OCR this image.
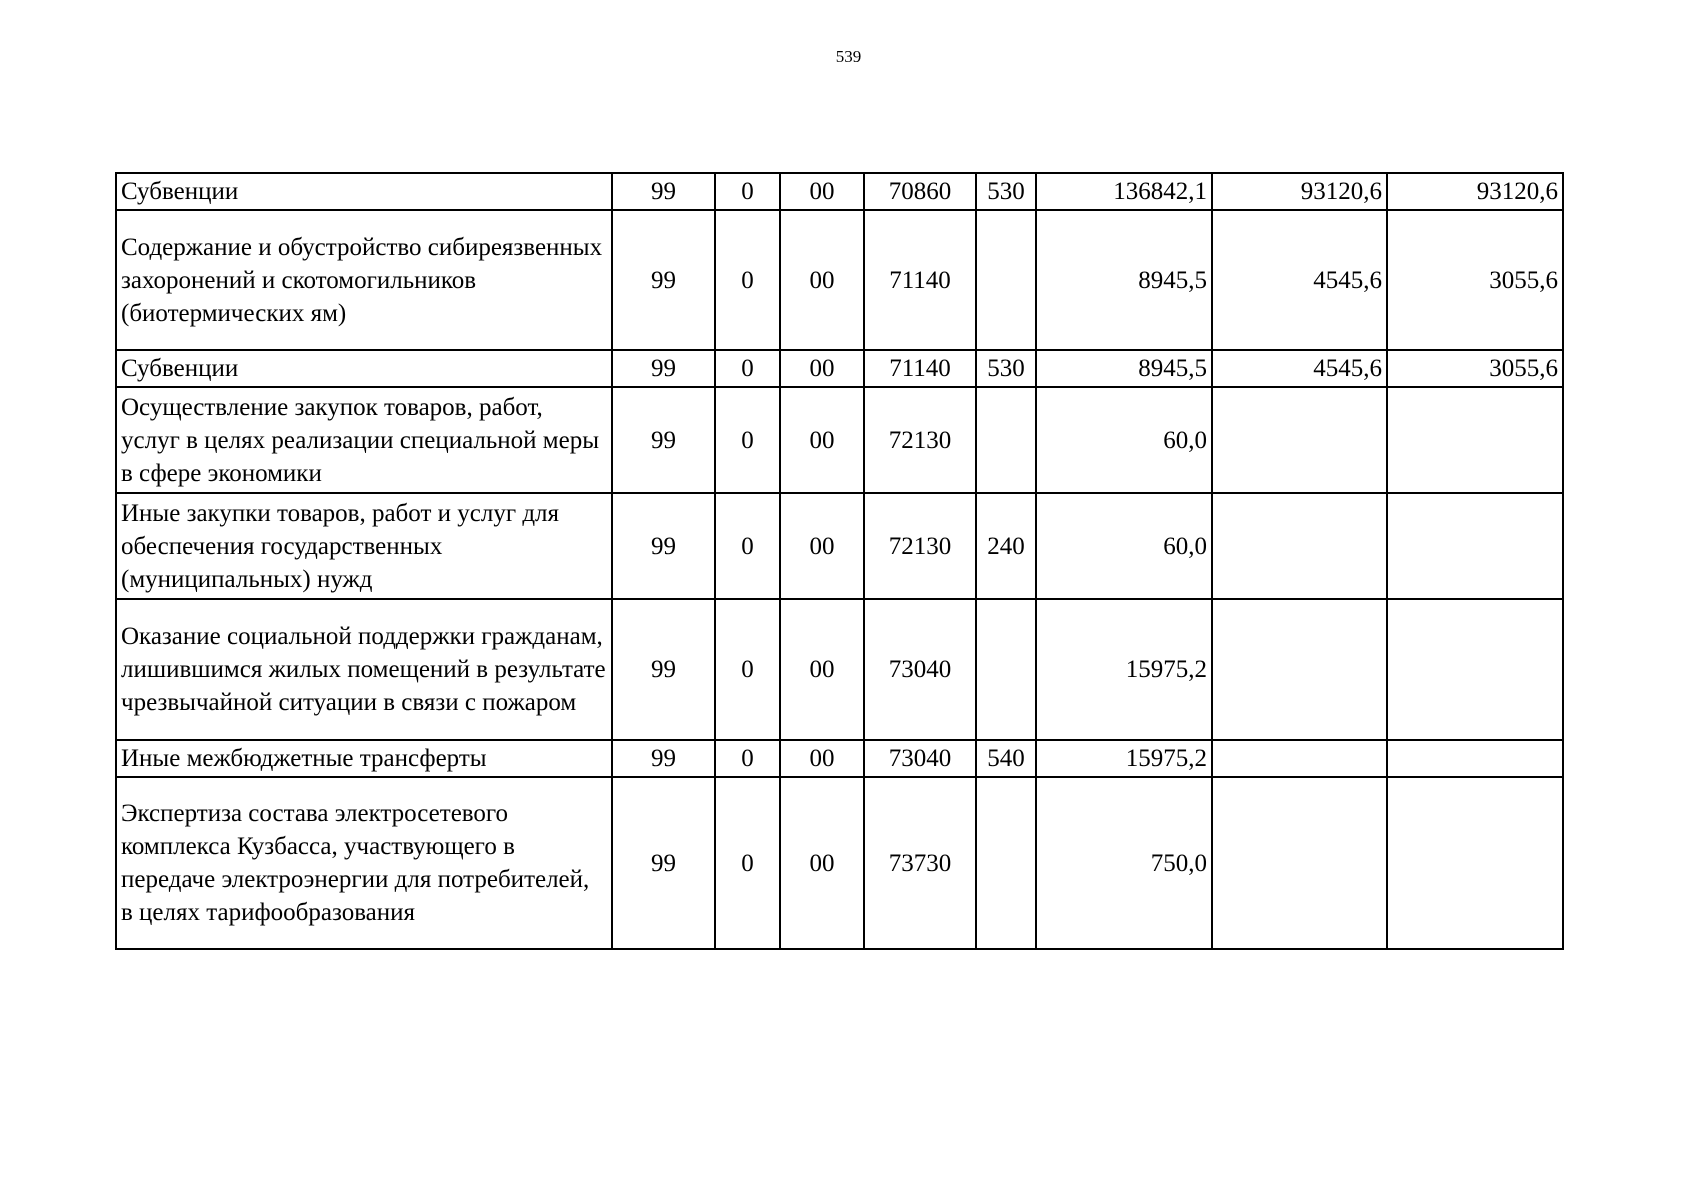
539
Субвенции	99	0	00	70860	530	136842,1	93120,6	93120,6
Содержание и обустройство сибиреязвенных захоронений и скотомогильников (биотермических ям)	99	0	00	71140		8945,5	4545,6	3055,6
Субвенции	99	0	00	71140	530	8945,5	4545,6	3055,6
Осуществление закупок товаров, работ, услуг в целях реализации специальной меры в сфере экономики	99	0	00	72130		60,0		
Иные закупки товаров, работ и услуг для обеспечения государственных (муниципальных) нужд	99	0	00	72130	240	60,0		
Оказание социальной поддержки гражданам, лишившимся жилых помещений в результате чрезвычайной ситуации в связи с пожаром	99	0	00	73040		15975,2		
Иные межбюджетные трансферты	99	0	00	73040	540	15975,2		
Экспертиза состава электросетевого комплекса Кузбасса, участвующего в передаче электроэнергии для потребителей, в целях тарифообразования	99	0	00	73730		750,0		
